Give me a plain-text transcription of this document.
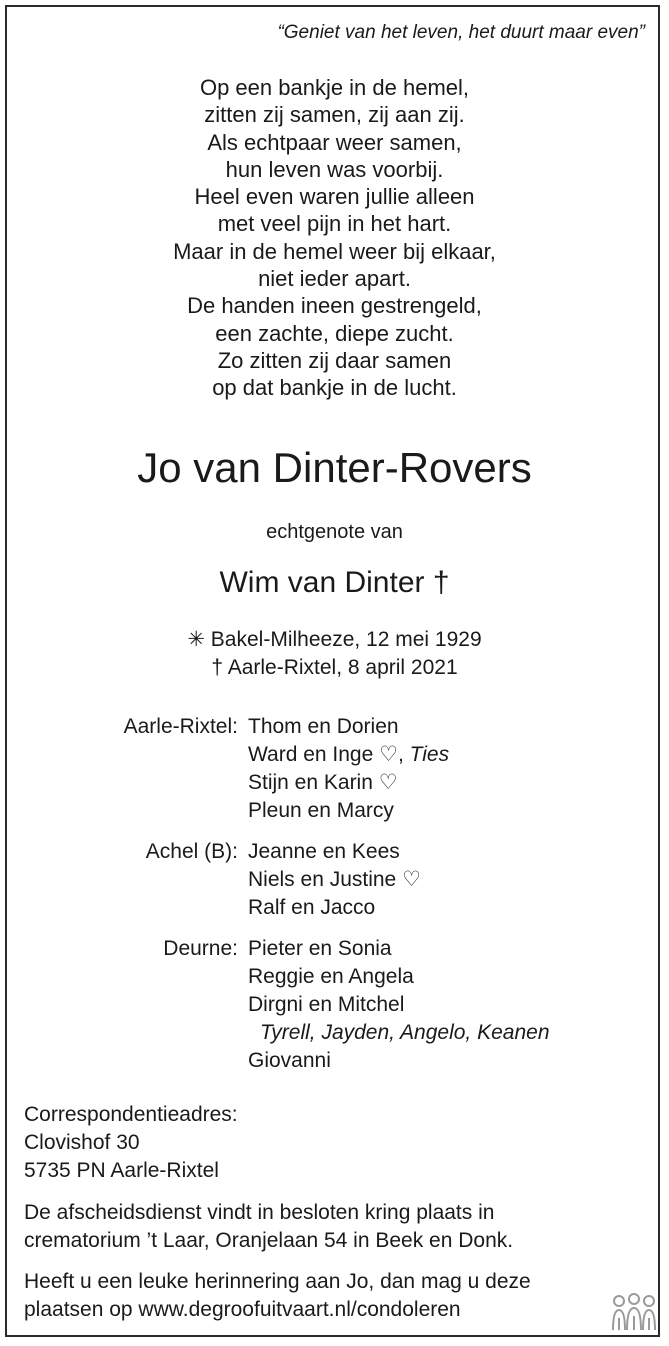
“Geniet van het leven, het duurt maar even”
Op een bankje in de hemel,
zitten zij samen, zij aan zij.
Als echtpaar weer samen,
hun leven was voorbij.
Heel even waren jullie alleen
met veel pijn in het hart.
Maar in de hemel weer bij elkaar,
niet ieder apart.
De handen ineen gestrengeld,
een zachte, diepe zucht.
Zo zitten zij daar samen
op dat bankje in de lucht.
Jo van Dinter-Rovers
echtgenote van
Wim van Dinter †
✳ Bakel-Milheeze, 12 mei 1929
† Aarle-Rixtel, 8 april 2021
Aarle-Rixtel: Thom en Dorien
Ward en Inge ♡, Ties
Stijn en Karin ♡
Pleun en Marcy
Achel (B): Jeanne en Kees
Niels en Justine ♡
Ralf en Jacco
Deurne: Pieter en Sonia
Reggie en Angela
Dirgni en Mitchel
Tyrell, Jayden, Angelo, Keanen
Giovanni
Correspondentieadres:
Clovishof 30
5735 PN Aarle-Rixtel
De afscheidsdienst vindt in besloten kring plaats in
crematorium ’t Laar, Oranjelaan 54 in Beek en Donk.
Heeft u een leuke herinnering aan Jo, dan mag u deze
plaatsen op www.degroofuitvaart.nl/condoleren
